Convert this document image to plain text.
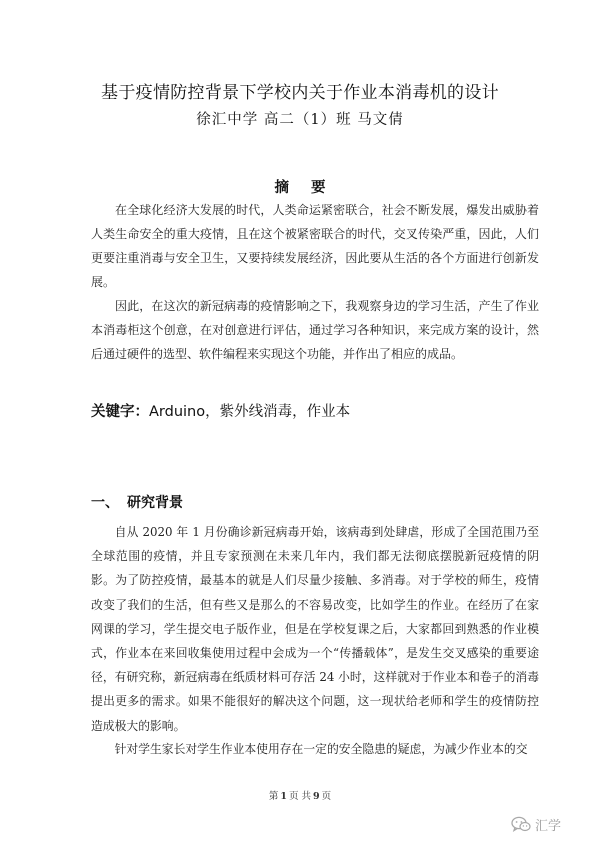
基于疫情防控背景下学校内关于作业本消毒机的设计
徐汇中学 高二（1）班 马文倩
摘 要
在全球化经济大发展的时代，人类命运紧密联合，社会不断发展，爆发出威胁着人类生命安全的重大疫情，且在这个被紧密联合的时代，交叉传染严重，因此，人们更要注重消毒与安全卫生，又要持续发展经济，因此要从生活的各个方面进行创新发展。
因此，在这次的新冠病毒的疫情影响之下，我观察身边的学习生活，产生了作业本消毒柜这个创意，在对创意进行评估，通过学习各种知识，来完成方案的设计，然后通过硬件的选型、软件编程来实现这个功能，并作出了相应的成品。
关键字：Arduino，紫外线消毒，作业本
一、 研究背景
自从 2020 年 1 月份确诊新冠病毒开始，该病毒到处肆虐，形成了全国范围乃至全球范围的疫情，并且专家预测在未来几年内，我们都无法彻底摆脱新冠疫情的阴影。为了防控疫情，最基本的就是人们尽量少接触、多消毒。对于学校的师生，疫情改变了我们的生活，但有些又是那么的不容易改变，比如学生的作业。在经历了在家网课的学习，学生提交电子版作业，但是在学校复课之后，大家都回到熟悉的作业模式，作业本在来回收集使用过程中会成为一个“传播载体”，是发生交叉感染的重要途径，有研究称，新冠病毒在纸质材料可存活 24 小时，这样就对于作业本和卷子的消毒提出更多的需求。如果不能很好的解决这个问题，这一现状给老师和学生的疫情防控造成极大的影响。
针对学生家长对学生作业本使用存在一定的安全隐患的疑虑，为减少作业本的交
第 1 页 共 9 页
汇学
